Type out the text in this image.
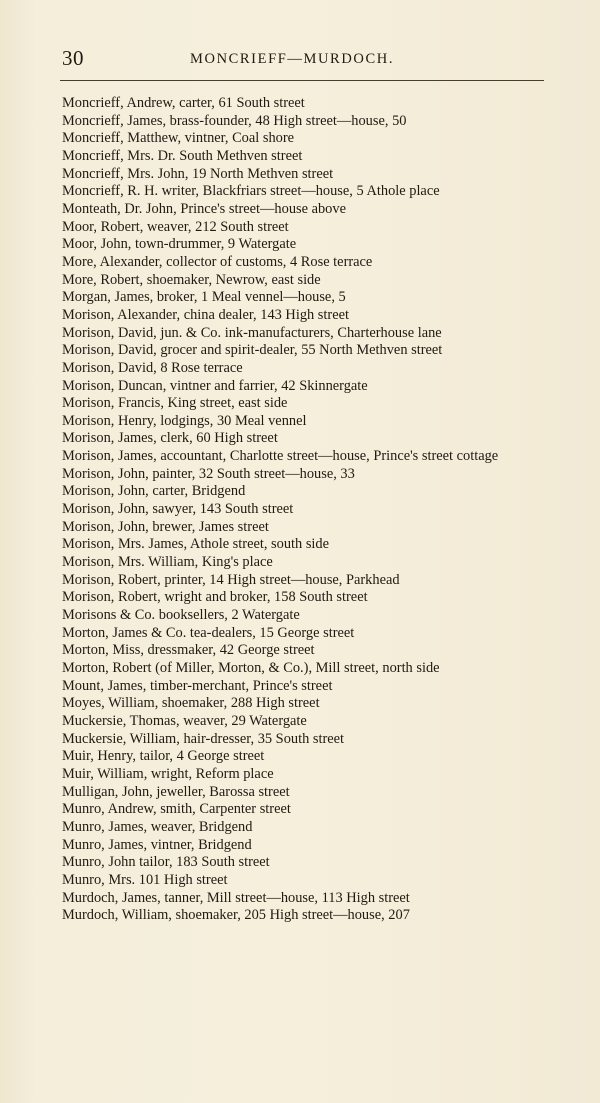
30	MONCRIEFF—MURDOCH.
Moncrieff, Andrew, carter, 61 South street
Moncrieff, James, brass-founder, 48 High street—house, 50
Moncrieff, Matthew, vintner, Coal shore
Moncrieff, Mrs. Dr. South Methven street
Moncrieff, Mrs. John, 19 North Methven street
Moncrieff, R. H. writer, Blackfriars street—house, 5 Athole place
Monteath, Dr. John, Prince's street—house above
Moor, Robert, weaver, 212 South street
Moor, John, town-drummer, 9 Watergate
More, Alexander, collector of customs, 4 Rose terrace
More, Robert, shoemaker, Newrow, east side
Morgan, James, broker, 1 Meal vennel—house, 5
Morison, Alexander, china dealer, 143 High street
Morison, David, jun. & Co. ink-manufacturers, Charterhouse lane
Morison, David, grocer and spirit-dealer, 55 North Methven street
Morison, David, 8 Rose terrace
Morison, Duncan, vintner and farrier, 42 Skinnergate
Morison, Francis, King street, east side
Morison, Henry, lodgings, 30 Meal vennel
Morison, James, clerk, 60 High street
Morison, James, accountant, Charlotte street—house, Prince's street cottage
Morison, John, painter, 32 South street—house, 33
Morison, John, carter, Bridgend
Morison, John, sawyer, 143 South street
Morison, John, brewer, James street
Morison, Mrs. James, Athole street, south side
Morison, Mrs. William, King's place
Morison, Robert, printer, 14 High street—house, Parkhead
Morison, Robert, wright and broker, 158 South street
Morisons & Co. booksellers, 2 Watergate
Morton, James & Co. tea-dealers, 15 George street
Morton, Miss, dressmaker, 42 George street
Morton, Robert (of Miller, Morton, & Co.), Mill street, north side
Mount, James, timber-merchant, Prince's street
Moyes, William, shoemaker, 288 High street
Muckersie, Thomas, weaver, 29 Watergate
Muckersie, William, hair-dresser, 35 South street
Muir, Henry, tailor, 4 George street
Muir, William, wright, Reform place
Mulligan, John, jeweller, Barossa street
Munro, Andrew, smith, Carpenter street
Munro, James, weaver, Bridgend
Munro, James, vintner, Bridgend
Munro, John tailor, 183 South street
Munro, Mrs. 101 High street
Murdoch, James, tanner, Mill street—house, 113 High street
Murdoch, William, shoemaker, 205 High street—house, 207
